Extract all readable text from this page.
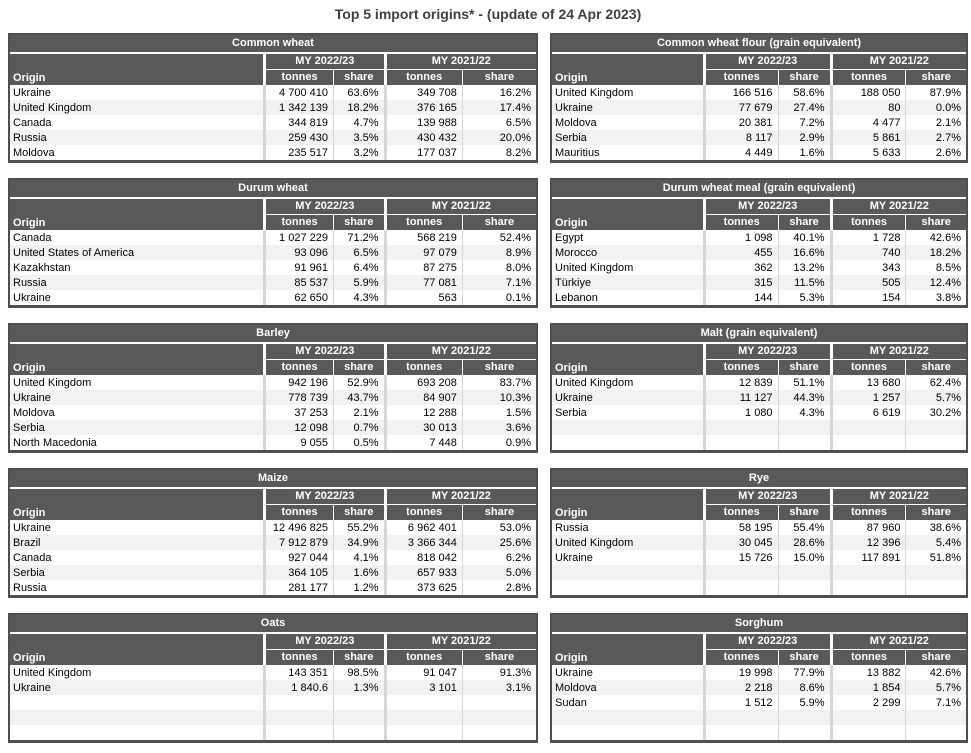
Top 5 import origins* - (update of 24 Apr 2023)
Common wheat
Origin	MY 2022/23		MY 2021/22	
	tonnes	share	tonnes	share
Ukraine	4 700 410	63.6%	349 708	16.2%
United Kingdom	1 342 139	18.2%	376 165	17.4%
Canada	344 819	4.7%	139 988	6.5%
Russia	259 430	3.5%	430 432	20.0%
Moldova	235 517	3.2%	177 037	8.2%
Common wheat flour (grain equivalent)
Origin	MY 2022/23		MY 2021/22	
	tonnes	share	tonnes	share
United Kingdom	166 516	58.6%	188 050	87.9%
Ukraine	77 679	27.4%	80	0.0%
Moldova	20 381	7.2%	4 477	2.1%
Serbia	8 117	2.9%	5 861	2.7%
Mauritius	4 449	1.6%	5 633	2.6%
Durum wheat
Origin	MY 2022/23		MY 2021/22	
	tonnes	share	tonnes	share
Canada	1 027 229	71.2%	568 219	52.4%
United States of America	93 096	6.5%	97 079	8.9%
Kazakhstan	91 961	6.4%	87 275	8.0%
Russia	85 537	5.9%	77 081	7.1%
Ukraine	62 650	4.3%	563	0.1%
Durum wheat meal (grain equivalent)
Origin	MY 2022/23		MY 2021/22	
	tonnes	share	tonnes	share
Egypt	1 098	40.1%	1 728	42.6%
Morocco	455	16.6%	740	18.2%
United Kingdom	362	13.2%	343	8.5%
Türkiye	315	11.5%	505	12.4%
Lebanon	144	5.3%	154	3.8%
Barley
Origin	MY 2022/23		MY 2021/22	
	tonnes	share	tonnes	share
United Kingdom	942 196	52.9%	693 208	83.7%
Ukraine	778 739	43.7%	84 907	10.3%
Moldova	37 253	2.1%	12 288	1.5%
Serbia	12 098	0.7%	30 013	3.6%
North Macedonia	9 055	0.5%	7 448	0.9%
Malt (grain equivalent)
Origin	MY 2022/23		MY 2021/22	
	tonnes	share	tonnes	share
United Kingdom	12 839	51.1%	13 680	62.4%
Ukraine	11 127	44.3%	1 257	5.7%
Serbia	1 080	4.3%	6 619	30.2%

Maize
Origin	MY 2022/23		MY 2021/22	
	tonnes	share	tonnes	share
Ukraine	12 496 825	55.2%	6 962 401	53.0%
Brazil	7 912 879	34.9%	3 366 344	25.6%
Canada	927 044	4.1%	818 042	6.2%
Serbia	364 105	1.6%	657 933	5.0%
Russia	281 177	1.2%	373 625	2.8%
Rye
Origin	MY 2022/23		MY 2021/22	
	tonnes	share	tonnes	share
Russia	58 195	55.4%	87 960	38.6%
United Kingdom	30 045	28.6%	12 396	5.4%
Ukraine	15 726	15.0%	117 891	51.8%

Oats
Origin	MY 2022/23		MY 2021/22	
	tonnes	share	tonnes	share
United Kingdom	143 351	98.5%	91 047	91.3%
Ukraine	1 840.6	1.3%	3 101	3.1%

Sorghum
Origin	MY 2022/23		MY 2021/22	
	tonnes	share	tonnes	share
Ukraine	19 998	77.9%	13 882	42.6%
Moldova	2 218	8.6%	1 854	5.7%
Sudan	1 512	5.9%	2 299	7.1%
